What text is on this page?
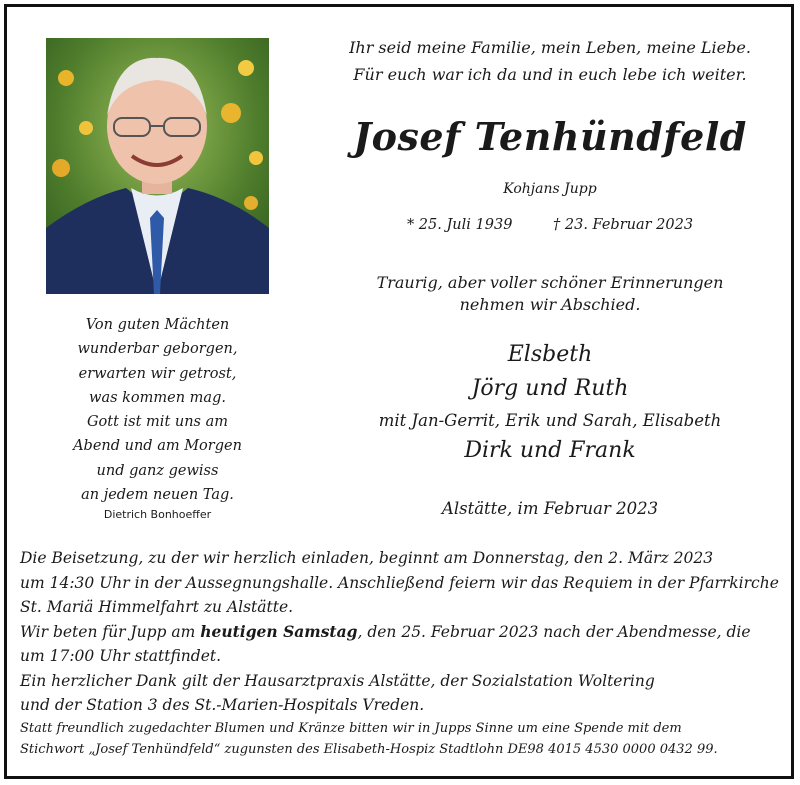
Von guten Mächten
wunderbar geborgen,
erwarten wir getrost,
was kommen mag.
Gott ist mit uns am
Abend und am Morgen
und ganz gewiss
an jedem neuen Tag.
Dietrich Bonhoeffer
Ihr seid meine Familie, mein Leben, meine Liebe.
Für euch war ich da und in euch lebe ich weiter.
Josef Tenhündfeld
Kohjans Jupp
* 25. Juli 1939	† 23. Februar 2023
Traurig, aber voller schöner Erinnerungen
nehmen wir Abschied.
Elsbeth
Jörg und Ruth
mit Jan-Gerrit, Erik und Sarah, Elisabeth
Dirk und Frank
Alstätte, im Februar 2023

Die Beisetzung, zu der wir herzlich einladen, beginnt am Donnerstag, den 2. März 2023

um 14:30 Uhr in der Aussegnungshalle. Anschließend feiern wir das Requiem in der Pfarrkirche

St. Mariä Himmelfahrt zu Alstätte.

Wir beten für Jupp am heutigen Samstag, den 25. Februar 2023 nach der Abendmesse, die

um 17:00 Uhr stattfindet.

Ein herzlicher Dank gilt der Hausarztpraxis Alstätte, der Sozialstation Woltering

und der Station 3 des St.-Marien-Hospitals Vreden.

Statt freundlich zugedachter Blumen und Kränze bitten wir in Jupps Sinne um eine Spende mit dem

Stichwort „Josef Tenhündfeld“ zugunsten des Elisabeth-Hospiz Stadtlohn DE98 4015 4530 0000 0432 99.
